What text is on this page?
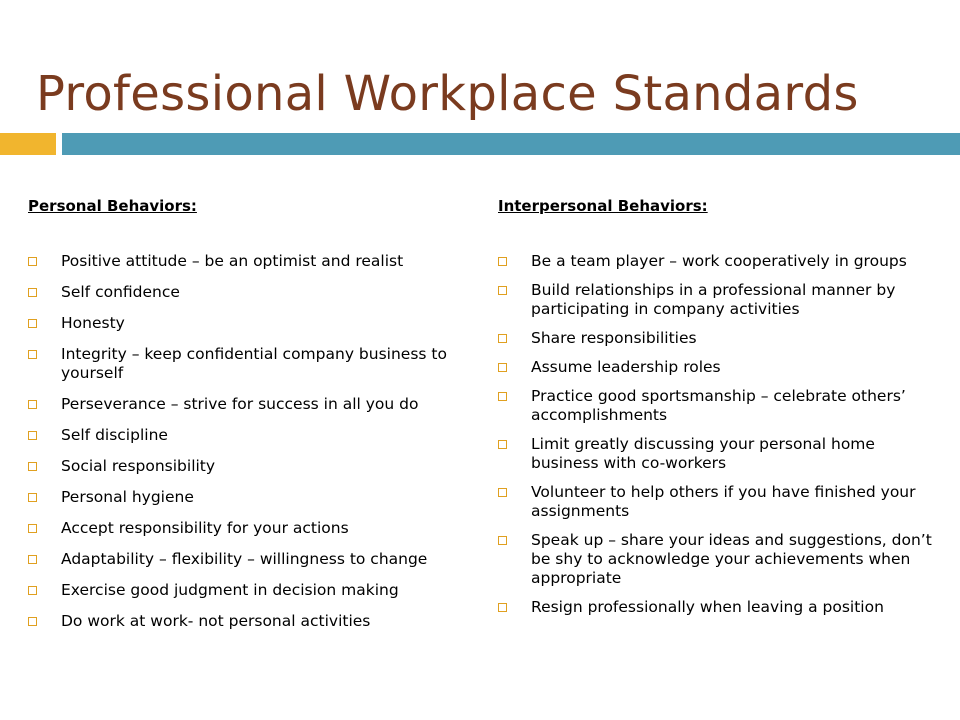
Professional Workplace Standards
Personal Behaviors:
Positive attitude – be an optimist and realist
Self confidence
Honesty
Integrity – keep confidential company business to yourself
Perseverance – strive for success in all you do
Self discipline
Social responsibility
Personal hygiene
Accept responsibility for your actions
Adaptability – flexibility – willingness to change
Exercise good judgment in decision making
Do work at work- not personal activities
Interpersonal Behaviors:
Be a team player – work cooperatively in groups
Build relationships in a professional manner by participating in company activities
Share responsibilities
Assume leadership roles
Practice good sportsmanship – celebrate others’ accomplishments
Limit greatly discussing your personal home business with co-workers
Volunteer to help others if you have finished your assignments
Speak up – share your ideas and suggestions, don’t be shy to acknowledge your achievements when appropriate
Resign professionally when leaving a position
